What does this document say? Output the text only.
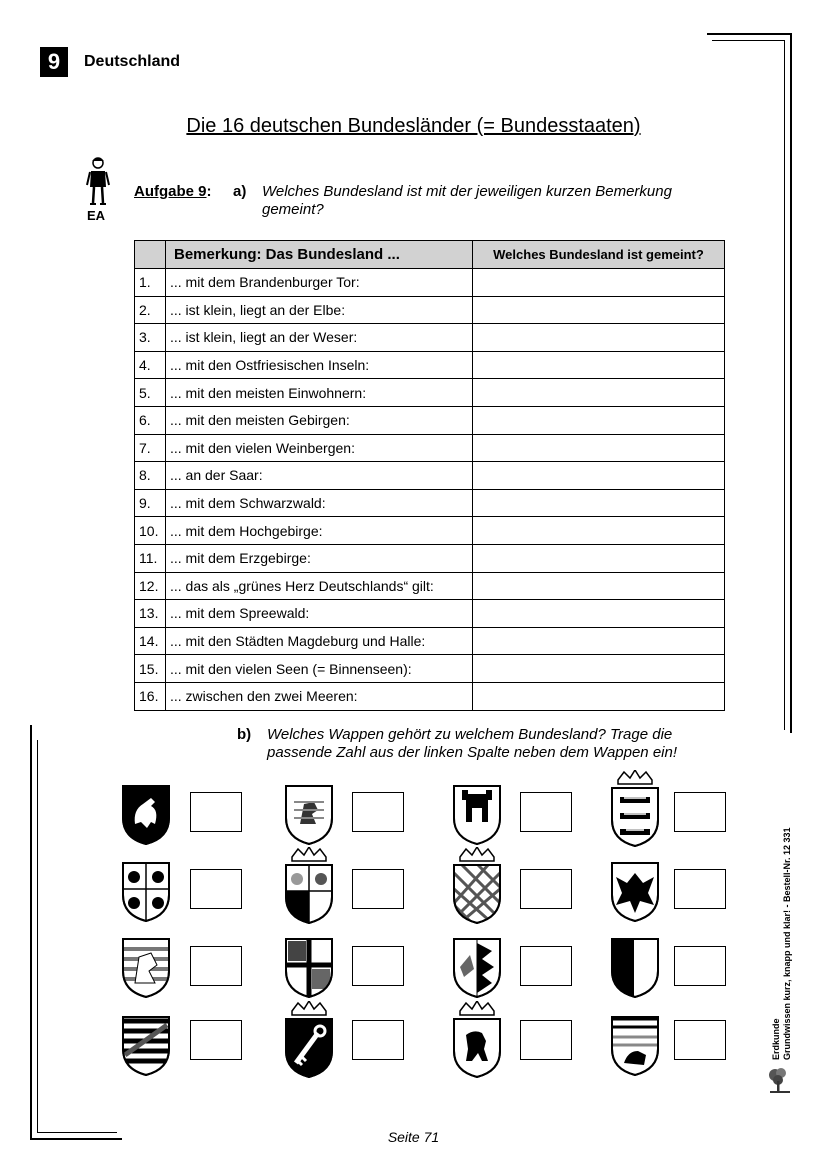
9	Deutschland
Die 16 deutschen Bundesländer (= Bundesstaaten)
EA
Aufgabe 9: a) Welches Bundesland ist mit der jeweiligen kurzen Bemerkung gemeint?
	Bemerkung: Das Bundesland ...	Welches Bundesland ist gemeint?
1.	... mit dem Brandenburger Tor:	
2.	... ist klein, liegt an der Elbe:	
3.	... ist klein, liegt an der Weser:	
4.	... mit den Ostfriesischen Inseln:	
5.	... mit den meisten Einwohnern:	
6.	... mit den meisten Gebirgen:	
7.	... mit den vielen Weinbergen:	
8.	... an der Saar:	
9.	... mit dem Schwarzwald:	
10.	... mit dem Hochgebirge:	
11.	... mit dem Erzgebirge:	
12.	... das als „grünes Herz Deutschlands“ gilt:	
13.	... mit dem Spreewald:	
14.	... mit den Städten Magdeburg und Halle:	
15.	... mit den vielen Seen (= Binnenseen):	
16.	... zwischen den zwei Meeren:	
b) Welches Wappen gehört zu welchem Bundesland? Trage die passende Zahl aus der linken Spalte neben dem Wappen ein!
Erdkunde Grundwissen kurz, knapp und klar! - Bestell-Nr. 12 331
Seite 71
